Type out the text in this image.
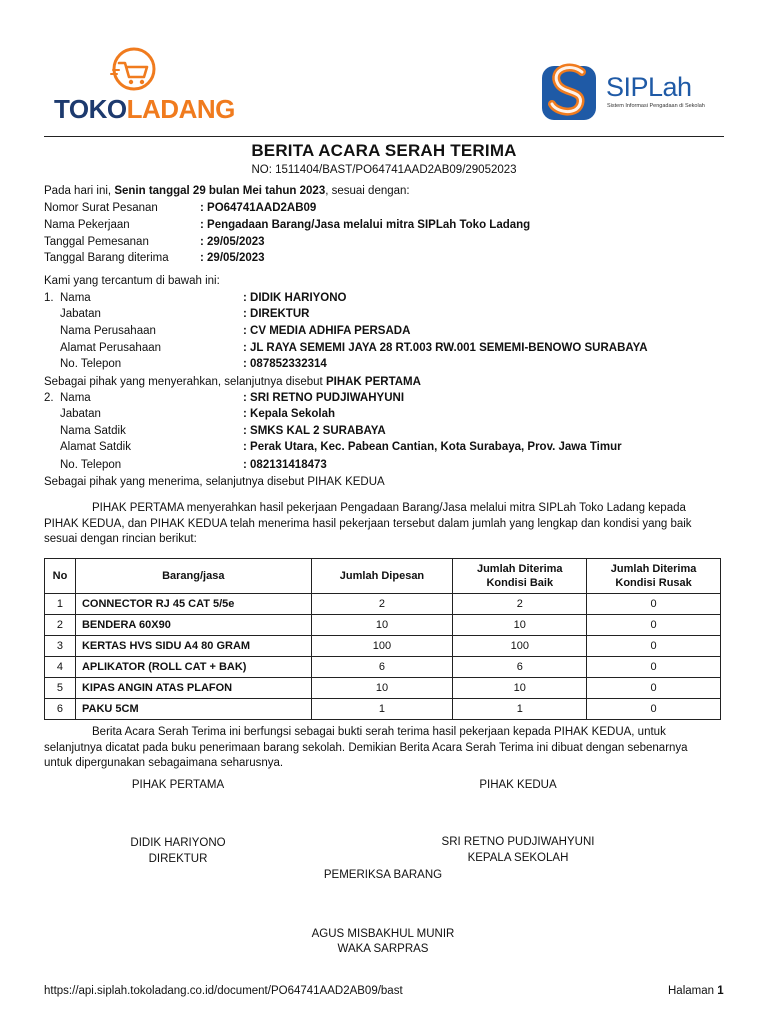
TOKOLADANG
SIPLah
Sistem Informasi Pengadaan di Sekolah
BERITA ACARA SERAH TERIMA
NO: 1511404/BAST/PO64741AAD2AB09/29052023
Pada hari ini, Senin tanggal 29 bulan Mei tahun 2023, sesuai dengan:
Nomor Surat Pesanan	: PO64741AAD2AB09
Nama Pekerjaan	: Pengadaan Barang/Jasa melalui mitra SIPLah Toko Ladang
Tanggal Pemesanan	: 29/05/2023
Tanggal Barang diterima	: 29/05/2023
Kami yang tercantum di bawah ini:
1. Nama	: DIDIK HARIYONO
Jabatan	: DIREKTUR
Nama Perusahaan	: CV MEDIA ADHIFA PERSADA
Alamat Perusahaan	: JL RAYA SEMEMI JAYA 28 RT.003 RW.001 SEMEMI-BENOWO SURABAYA
No. Telepon	: 087852332314
Sebagai pihak yang menyerahkan, selanjutnya disebut PIHAK PERTAMA
2. Nama	: SRI RETNO PUDJIWAHYUNI
Jabatan	: Kepala Sekolah
Nama Satdik	: SMKS KAL 2 SURABAYA
Alamat Satdik	: Perak Utara, Kec. Pabean Cantian, Kota Surabaya, Prov. Jawa Timur
No. Telepon	: 082131418473
Sebagai pihak yang menerima, selanjutnya disebut PIHAK KEDUA
PIHAK PERTAMA menyerahkan hasil pekerjaan Pengadaan Barang/Jasa melalui mitra SIPLah Toko Ladang kepada
PIHAK KEDUA, dan PIHAK KEDUA telah menerima hasil pekerjaan tersebut dalam jumlah yang lengkap dan kondisi yang baik
sesuai dengan rincian berikut:
No	Barang/jasa	Jumlah Dipesan	Jumlah Diterima
Kondisi Baik	Jumlah Diterima
Kondisi Rusak
1	CONNECTOR RJ 45 CAT 5/5e	2	2	0
2	BENDERA 60X90	10	10	0
3	KERTAS HVS SIDU A4 80 GRAM	100	100	0
4	APLIKATOR (ROLL CAT + BAK)	6	6	0
5	KIPAS ANGIN ATAS PLAFON	10	10	0
6	PAKU 5CM	1	1	0
Berita Acara Serah Terima ini berfungsi sebagai bukti serah terima hasil pekerjaan kepada PIHAK KEDUA, untuk
selanjutnya dicatat pada buku penerimaan barang sekolah. Demikian Berita Acara Serah Terima ini dibuat dengan sebenarnya
untuk dipergunakan sebagaimana seharusnya.
PIHAK PERTAMA	PIHAK KEDUA
DIDIK HARIYONO
DIREKTUR
SRI RETNO PUDJIWAHYUNI
KEPALA SEKOLAH
PEMERIKSA BARANG
AGUS MISBAKHUL MUNIR
WAKA SARPRAS
https://api.siplah.tokoladang.co.id/document/PO64741AAD2AB09/bast	Halaman 1
